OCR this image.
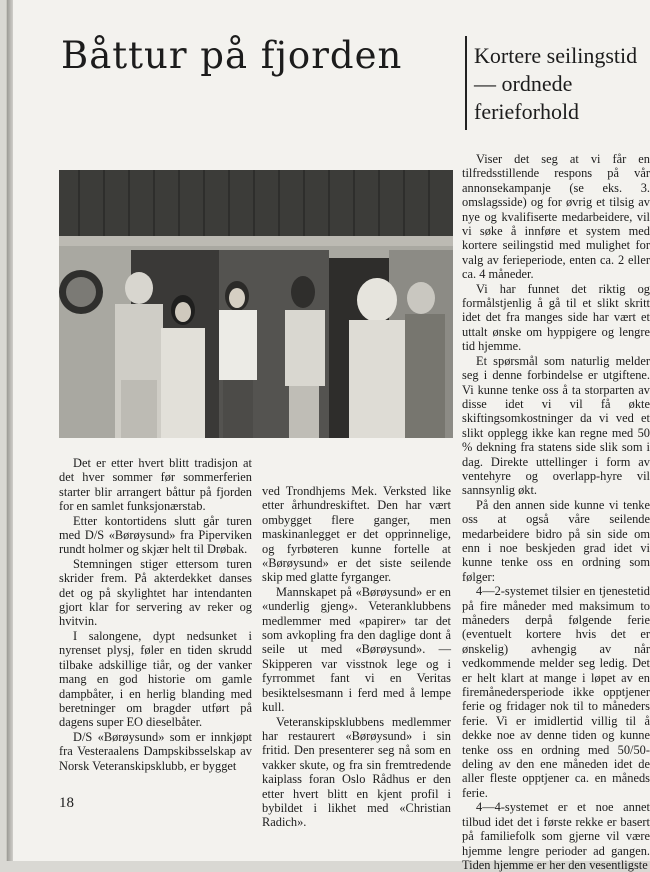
Båttur på fjorden	Kortere seilingstid — ordnede ferieforhold

Det er etter hvert blitt tradisjon at det hver sommer før sommerferien starter blir arrangert båttur på fjorden for en samlet funksjonærstab.

Etter kontortidens slutt går turen med D/S «Børøysund» fra Piperviken rundt holmer og skjær helt til Drøbak.

Stemningen stiger ettersom turen skrider frem. På akterdekket danses det og på skylightet har intendanten gjort klar for servering av reker og hvitvin.

I salongene, dypt nedsunket i nyrenset plysj, føler en tiden skrudd tilbake adskillige tiår, og der vanker mang en god historie om gamle dampbåter, i en herlig blanding med beretninger om bragder utført på dagens super EO dieselbåter.

D/S «Børøysund» som er innkjøpt fra Vesteraalens Dampskibsselskap av Norsk Veteranskipsklubb, er bygget

ved Trondhjems Mek. Verksted like etter århundreskiftet. Den har vært ombygget flere ganger, men maskinanlegget er det opprinnelige, og fyrbøteren kunne fortelle at «Børøysund» er det siste seilende skip med glatte fyrganger.

Mannskapet på «Børøysund» er en «underlig gjeng». Veteranklubbens medlemmer med «papirer» tar det som avkopling fra den daglige dont å seile ut med «Børøysund». — Skipperen var visstnok lege og i fyrrommet fant vi en Veritas besiktelsesmann i ferd med å lempe kull.

Veteranskipsklubbens medlemmer har restaurert «Børøysund» i sin fritid. Den presenterer seg nå som en vakker skute, og fra sin fremtredende kaiplass foran Oslo Rådhus er den etter hvert blitt en kjent profil i bybildet i likhet med «Christian Radich».

Viser det seg at vi får en tilfredsstillende respons på vår annonsekampanje (se eks. 3. omslagsside) og for øvrig et tilsig av nye og kvalifiserte medarbeidere, vil vi søke å innføre et system med kortere seilingstid med mulighet for valg av ferieperiode, enten ca. 2 eller ca. 4 måneder.

Vi har funnet det riktig og formålstjenlig å gå til et slikt skritt idet det fra manges side har vært et uttalt ønske om hyppigere og lengre tid hjemme.

Et spørsmål som naturlig melder seg i denne forbindelse er utgiftene. Vi kunne tenke oss å ta storparten av disse idet vi vil få økte skiftingsomkostninger da vi ved et slikt opplegg ikke kan regne med 50 % dekning fra statens side slik som i dag. Direkte uttellinger i form av ventehyre og overlapp-hyre vil sannsynlig økt.

På den annen side kunne vi tenke oss at også våre seilende medarbeidere bidro på sin side om enn i noe beskjeden grad idet vi kunne tenke oss en ordning som følger:

4—2-systemet tilsier en tjenestetid på fire måneder med maksimum to måneders derpå følgende ferie (eventuelt kortere hvis det er ønskelig) avhengig av når vedkommende melder seg ledig. Det er helt klart at mange i løpet av en firemånedersperiode ikke opptjener ferie og fridager nok til to måneders ferie. Vi er imidlertid villig til å dekke noe av denne tiden og kunne tenke oss en ordning med 50/50-deling av den ene måneden idet de aller fleste opptjener ca. en måneds ferie.

4—4-systemet er et noe annet tilbud idet det i første rekke er basert på familiefolk som gjerne vil være hjemme lengre perioder ad gangen. Tiden hjemme er her den vesentligste

18
